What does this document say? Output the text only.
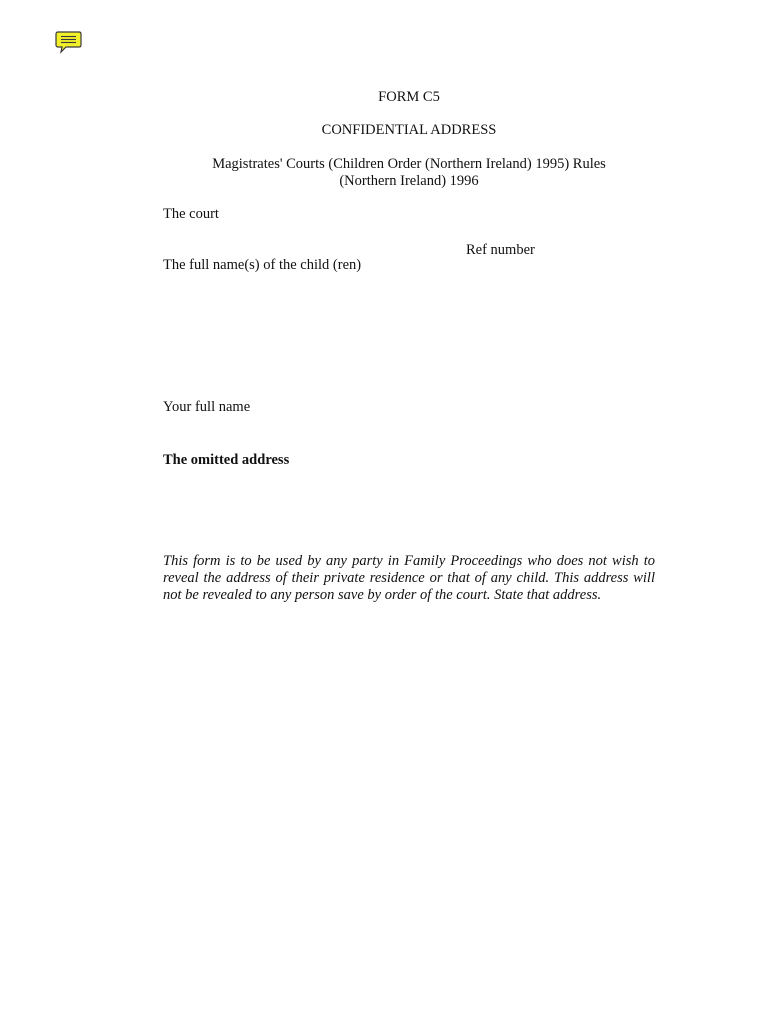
FORM C5
CONFIDENTIAL ADDRESS
Magistrates' Courts (Children Order (Northern Ireland) 1995) Rules
(Northern Ireland) 1996
The court
Ref number
The full name(s) of the child (ren)
Your full name
The omitted address
This form is to be used by any party in Family Proceedings who does not wish to reveal the address of their private residence or that of any child. This address will not be revealed to any person save by order of the court. State that address.
